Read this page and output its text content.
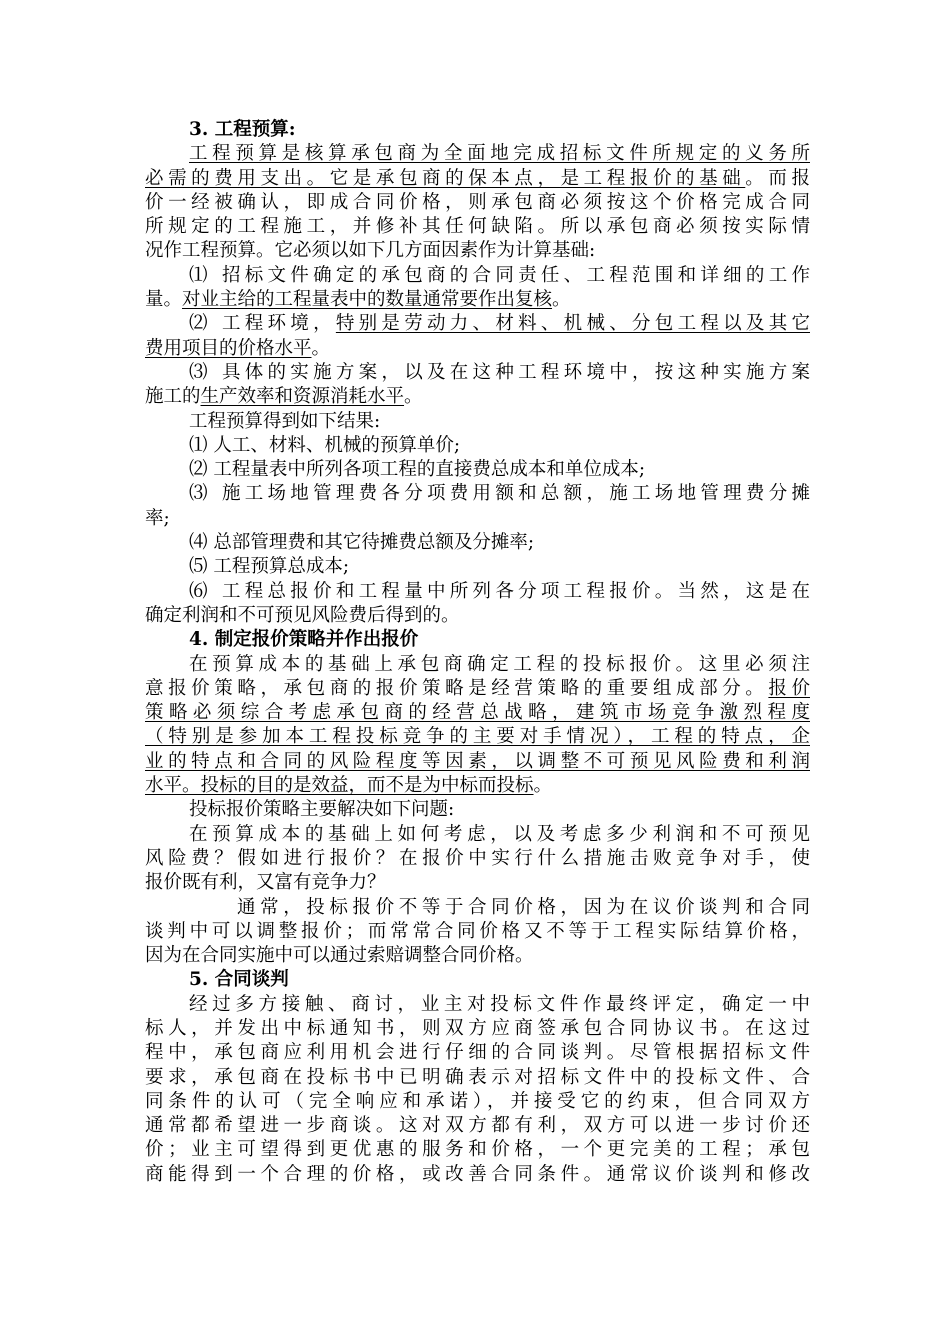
3. 工程预算:
工程预算是核算承包商为全面地完成招标文件所规定的义务所
必需的费用支出。它是承包商的保本点，是工程报价的基础。而报
价一经被确认，即成合同价格，则承包商必须按这个价格完成合同
所规定的工程施工，并修补其任何缺陷。所以承包商必须按实际情
况作工程预算。它必须以如下几方面因素作为计算基础:
⑴ 招标文件确定的承包商的合同责任、工程范围和详细的工作
量。对业主给的工程量表中的数量通常要作出复核。
⑵ 工程环境，特别是劳动力、材料、机械、分包工程以及其它
费用项目的价格水平。
⑶ 具体的实施方案，以及在这种工程环境中，按这种实施方案
施工的生产效率和资源消耗水平。
工程预算得到如下结果:
⑴ 人工、材料、机械的预算单价;
⑵ 工程量表中所列各项工程的直接费总成本和单位成本;
⑶ 施工场地管理费各分项费用额和总额，施工场地管理费分摊
率;
⑷ 总部管理费和其它待摊费总额及分摊率;
⑸ 工程预算总成本;
⑹ 工程总报价和工程量中所列各分项工程报价。当然，这是在
确定利润和不可预见风险费后得到的。
4. 制定报价策略并作出报价
在预算成本的基础上承包商确定工程的投标报价。这里必须注
意报价策略，承包商的报价策略是经营策略的重要组成部分。报价
策略必须综合考虑承包商的经营总战略，建筑市场竞争激烈程度
（特别是参加本工程投标竞争的主要对手情况），工程的特点，企
业的特点和合同的风险程度等因素，以调整不可预见风险费和利润
水平。投标的目的是效益，而不是为中标而投标。
投标报价策略主要解决如下问题:
在预算成本的基础上如何考虑，以及考虑多少利润和不可预见
风险费？假如进行报价？在报价中实行什么措施击败竞争对手，使
报价既有利，又富有竞争力？
通常，投标报价不等于合同价格，因为在议价谈判和合同
谈判中可以调整报价；而常常合同价格又不等于工程实际结算价格，
因为在合同实施中可以通过索赔调整合同价格。
5. 合同谈判
经过多方接触、商讨，业主对投标文件作最终评定，确定一中
标人，并发出中标通知书，则双方应商签承包合同协议书。在这过
程中，承包商应利用机会进行仔细的合同谈判。尽管根据招标文件
要求，承包商在投标书中已明确表示对招标文件中的投标文件、合
同条件的认可（完全响应和承诺），并接受它的约束，但合同双方
通常都希望进一步商谈。这对双方都有利，双方可以进一步讨价还
价；业主可望得到更优惠的服务和价格，一个更完美的工程；承包
商能得到一个合理的价格，或改善合同条件。通常议价谈判和修改
